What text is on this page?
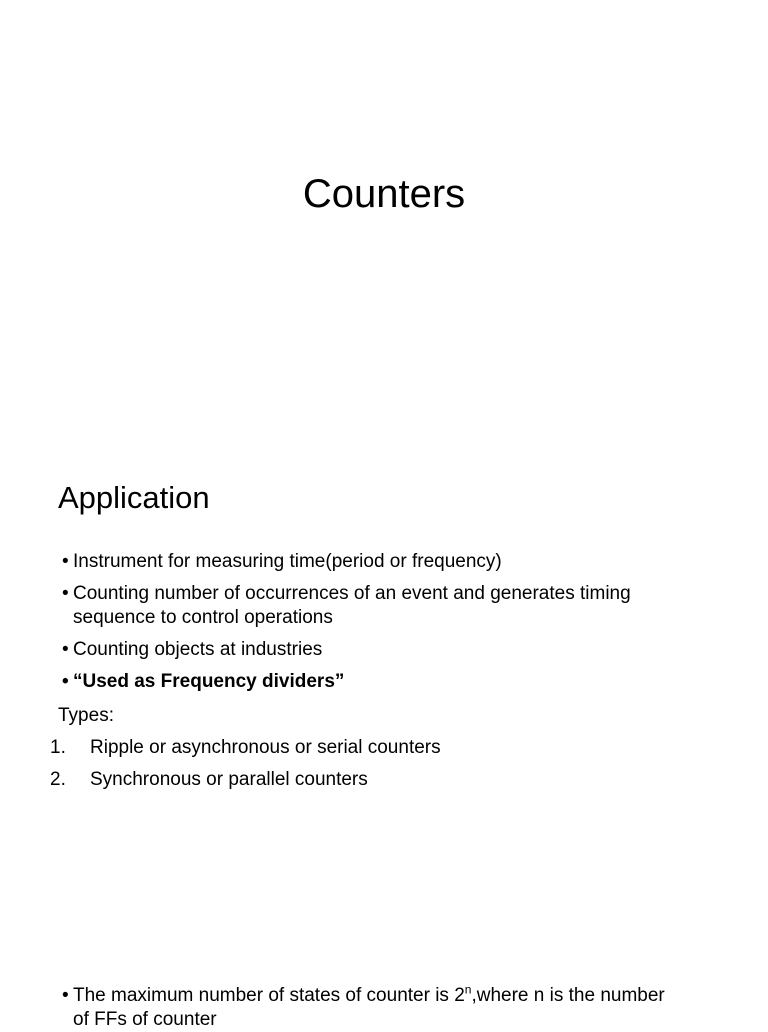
Counters
Application
• Instrument for measuring time(period or frequency)
• Counting number of occurrences of an event and generates timing sequence to control operations
• Counting objects at industries
• “Used as Frequency dividers”
Types:
1. Ripple or asynchronous or serial counters
2. Synchronous or parallel counters
• The maximum number of states of counter is 2$^n$,where n is the number of FFs of counter
